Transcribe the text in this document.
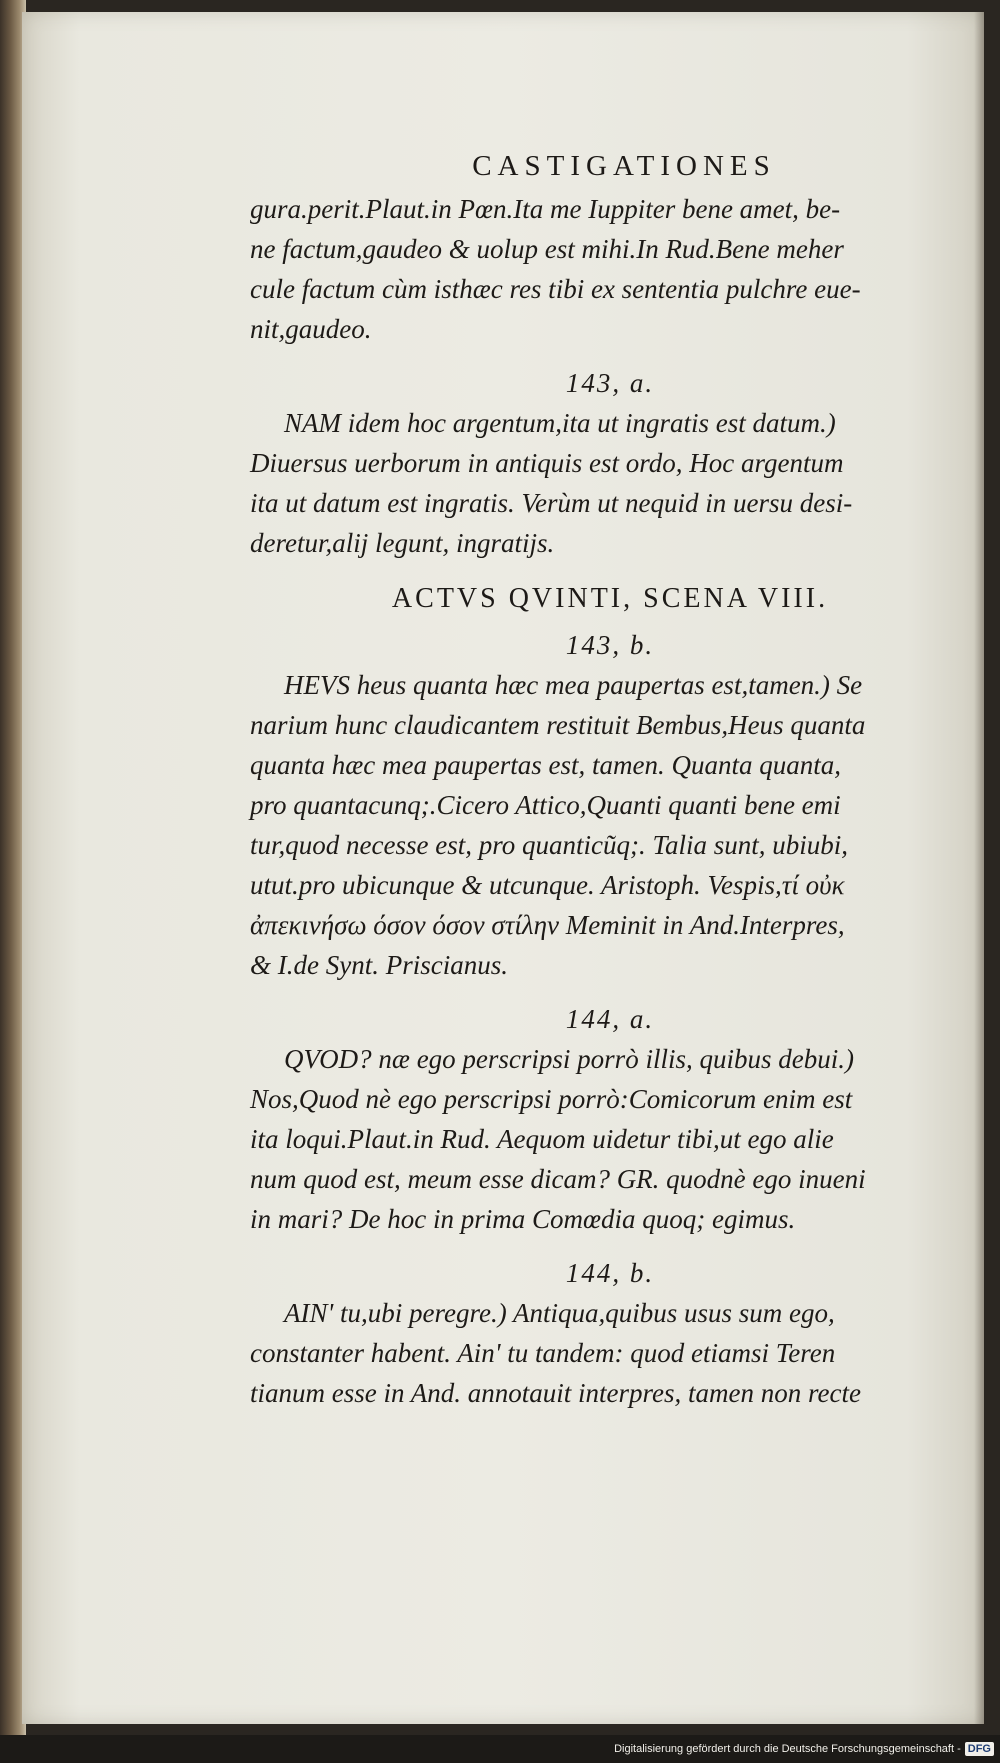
CASTIGATIONES

gura.perit.Plaut.in Pœn.Ita me Iuppiter bene amet, be-

ne factum,gaudeo & uolup est mihi.In Rud.Bene meher

cule factum cùm isthæc res tibi ex sententia pulchre eue-

nit,gaudeo.

143, a.

NAM idem hoc argentum,ita ut ingratis est datum.)

Diuersus uerborum in antiquis est ordo, Hoc argentum

ita ut datum est ingratis. Verùm ut nequid in uersu desi-

deretur,alij legunt, ingratijs.

ACTVS QVINTI, SCENA VIII.
143, b.

HEVS heus quanta hæc mea paupertas est,tamen.) Se

narium hunc claudicantem restituit Bembus,Heus quanta

quanta hæc mea paupertas est, tamen. Quanta quanta,

pro quantacunq;.Cicero Attico,Quanti quanti bene emi

tur,quod necesse est, pro quanticũq;. Talia sunt, ubiubi,

utut.pro ubicunque & utcunque. Aristoph. Vespis,τί οὐκ

ἀπεκινήσω όσον όσον στίλην Meminit in And.Interpres,

& I.de Synt. Priscianus.

144, a.

QVOD? næ ego perscripsi porrò illis, quibus debui.)

Nos,Quod nè ego perscripsi porrò:Comicorum enim est

ita loqui.Plaut.in Rud. Aequom uidetur tibi,ut ego alie

num quod est, meum esse dicam? GR. quodnè ego inueni

in mari? De hoc in prima Comœdia quoq; egimus.

144, b.

AIN' tu,ubi peregre.) Antiqua,quibus usus sum ego,

constanter habent. Ain' tu tandem: quod etiamsi Teren

tianum esse in And. annotauit interpres, tamen non recte

Digitalisierung gefördert durch die Deutsche Forschungsgemeinschaft - DFG
